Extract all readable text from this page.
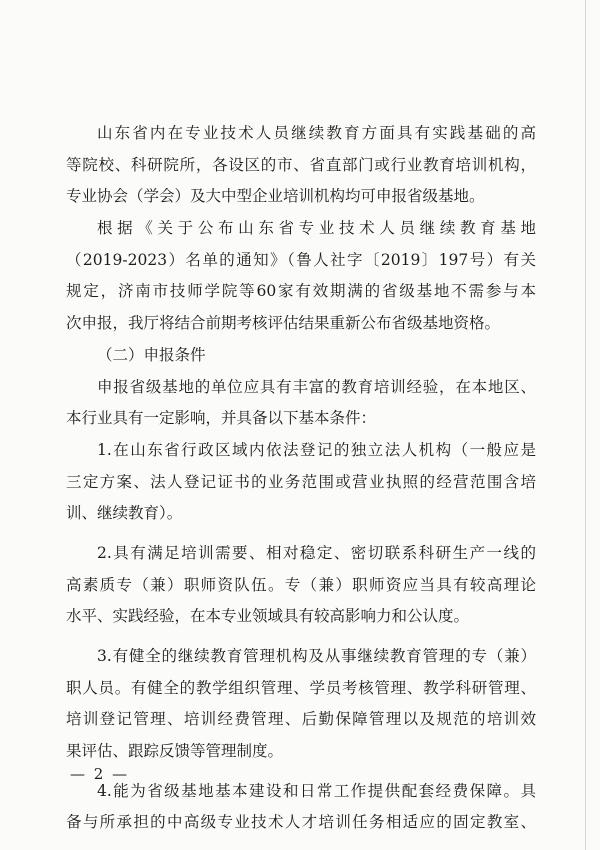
山东省内在专业技术人员继续教育方面具有实践基础的高
等院校、科研院所，各设区的市、省直部门或行业教育培训机构，
专业协会（学会）及大中型企业培训机构均可申报省级基地。
根据《关于公布山东省专业技术人员继续教育基地
（2019-2023）名单的通知》（鲁人社字〔2019〕197号）有关
规定，济南市技师学院等60家有效期满的省级基地不需参与本
次申报，我厅将结合前期考核评估结果重新公布省级基地资格。
（二）申报条件
申报省级基地的单位应具有丰富的教育培训经验，在本地区、
本行业具有一定影响，并具备以下基本条件：
1.在山东省行政区域内依法登记的独立法人机构（一般应是
三定方案、法人登记证书的业务范围或营业执照的经营范围含培
训、继续教育）。
2.具有满足培训需要、相对稳定、密切联系科研生产一线的
高素质专（兼）职师资队伍。专（兼）职师资应当具有较高理论
水平、实践经验，在本专业领域具有较高影响力和公认度。
3.有健全的继续教育管理机构及从事继续教育管理的专（兼）
职人员。有健全的教学组织管理、学员考核管理、教学科研管理、
培训登记管理、培训经费管理、后勤保障管理以及规范的培训效
果评估、跟踪反馈等管理制度。
4.能为省级基地基本建设和日常工作提供配套经费保障。具
备与所承担的中高级专业技术人才培训任务相适应的固定教室、
— 2 —
